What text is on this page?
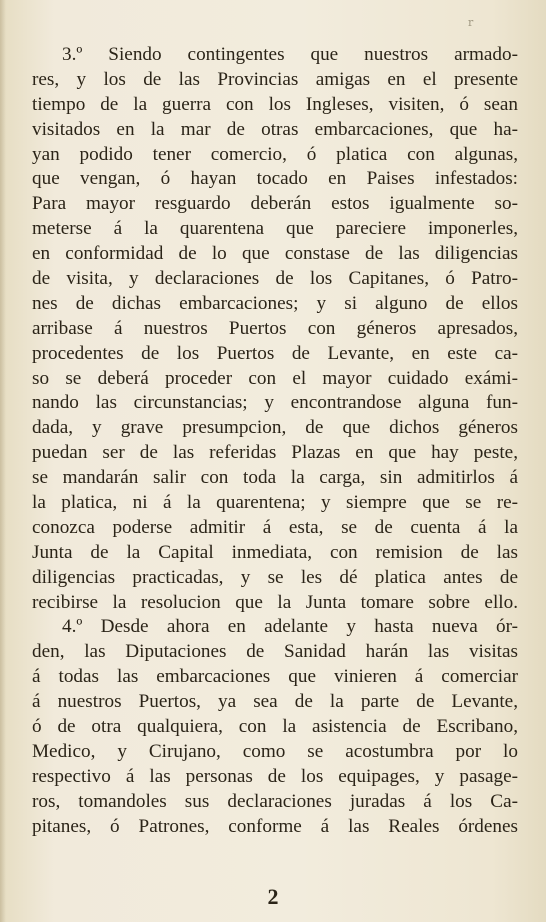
r
3.º Siendo contingentes que nuestros armado-
res, y los de las Provincias amigas en el presente
tiempo de la guerra con los Ingleses, visiten, ó sean
visitados en la mar de otras embarcaciones, que ha-
yan podido tener comercio, ó platica con algunas,
que vengan, ó hayan tocado en Paises infestados:
Para mayor resguardo deberán estos igualmente so-
meterse á la quarentena que pareciere imponerles,
en conformidad de lo que constase de las diligencias
de visita, y declaraciones de los Capitanes, ó Patro-
nes de dichas embarcaciones; y si alguno de ellos
arribase á nuestros Puertos con géneros apresados,
procedentes de los Puertos de Levante, en este ca-
so se deberá proceder con el mayor cuidado exámi-
nando las circunstancias; y encontrandose alguna fun-
dada, y grave presumpcion, de que dichos géneros
puedan ser de las referidas Plazas en que hay peste,
se mandarán salir con toda la carga, sin admitirlos á
la platica, ni á la quarentena; y siempre que se re-
conozca poderse admitir á esta, se de cuenta á la
Junta de la Capital inmediata, con remision de las
diligencias practicadas, y se les dé platica antes de
recibirse la resolucion que la Junta tomare sobre ello.
4.º Desde ahora en adelante y hasta nueva ór-
den, las Diputaciones de Sanidad harán las visitas
á todas las embarcaciones que vinieren á comerciar
á nuestros Puertos, ya sea de la parte de Levante,
ó de otra qualquiera, con la asistencia de Escribano,
Medico, y Cirujano, como se acostumbra por lo
respectivo á las personas de los equipages, y pasage-
ros, tomandoles sus declaraciones juradas á los Ca-
pitanes, ó Patrones, conforme á las Reales órdenes
2
